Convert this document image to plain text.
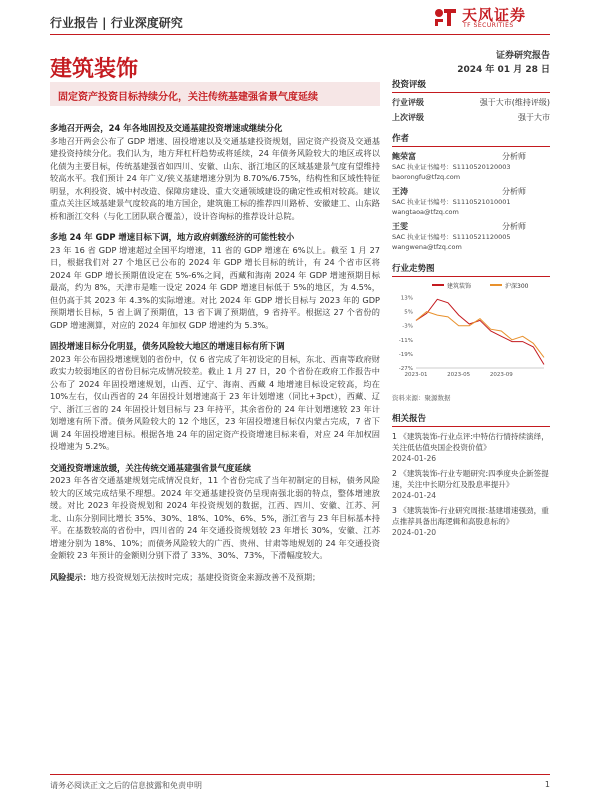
行业报告 | 行业深度研究	天风证券
TF SECURITIES
建筑装饰
证券研究报告
2024 年 01 月 28 日
固定资产投资目标持续分化，关注传统基建强省景气度延续
多地召开两会，24 年各地固投及交通基建投资增速或继续分化

多地召开两会公布了 GDP 增速、固投增速以及交通基建投资规划，固定资产投资及交通基建投资持续分化。我们认为，地方拜杠杆趋势或将延续，24 年债务风险较大的地区或将以化债为主要目标，传统基建强省如四川、安徽、山东、浙江地区的区域基建景气度有望维持较高水平。我们预计 24 年广义/狭义基建增速分别为 8.70%/6.75%，结构性和区域性特征明显，水利投资、城中村改造、保障房建设、重大交通领域建设的确定性或相对较高。建议重点关注区域基建景气度较高的地方国企，建筑施工标的推荐四川路桥、安徽建工、山东路桥和浙江交科（与化工团队联合覆盖），设计咨询标的推荐设计总院。

多地 24 年 GDP 增速目标下调，地方政府刺激经济的可能性较小

23 年 16 省 GDP 增速超过全国平均增速，11 省的 GDP 增速在 6%以上。截至 1 月 27 日，根据我们对 27 个地区已公布的 2024 年 GDP 增长目标的统计，有 24 个省市区将 2024 年 GDP 增长预期值设定在 5%-6%之间，西藏和海南 2024 年 GDP 增速预期目标最高，约为 8%，天津市是唯一设定 2024 年 GDP 增速目标低于 5%的地区，为 4.5%，但仍高于其 2023 年 4.3%的实际增速。对比 2024 年 GDP 增长目标与 2023 年的 GDP 预期增长目标，5 省上调了预期值，13 省下调了预期值，9 省持平。根据这 27 个省份的 GDP 增速测算，对应的 2024 年加权 GDP 增速约为 5.3%。

固投增速目标分化明显，债务风险较大地区的增速目标有所下调

2023 年公布固投增速规划的省份中，仅 6 省完成了年初设定的目标，东北、西南等政府财政实力较弱地区的省份目标完成情况较差。截止 1 月 27 日，20 个省份在政府工作报告中公布了 2024 年固投增速规划，山西、辽宁、海南、西藏 4 地增速目标设定较高，均在 10%左右，仅山西省的 24 年固投计划增速高于 23 年计划增速（同比+3pct），西藏、辽宁、浙江三省的 24 年固投计划目标与 23 年持平，其余省份的 24 年计划增速较 23 年计划增速有所下滑。债务风险较大的 12 个地区，23 年固投增速目标仅内蒙古完成，7 省下调 24 年固投增速目标。根据各地 24 年的固定资产投资增速目标来看，对应 24 年加权固投增速为 5.2%。

交通投资增速放缓，关注传统交通基建强省景气度延续

2023 年各省交通基建规划完成情况良好，11 个省份完成了当年初制定的目标，债务风险较大的区域完成结果不理想。2024 年交通基建投资仍呈现南强北弱的特点，整体增速放缓。对比 2023 年投资规划和 2024 年投资规划的数据，江西、四川、安徽、江苏、河北、山东分别同比增长 35%、30%、18%、10%、6%、5%，浙江省与 23 年目标基本持平。在基数较高的省份中，四川省的 24 年交通投资规划较 23 年增长 30%，安徽、江苏增速分别为 18%、10%；而债务风险较大的广西、贵州、甘肃等地规划的 24 年交通投资金额较 23 年预计的金额则分别下滑了 33%、30%、73%，下滑幅度较大。

风险提示：地方投资规划无法按时完成；基建投资资金来源改善不及预期；

投资评级
行业评级	强于大市(维持评级)
上次评级	强于大市
作者
鲍荣富	分析师
SAC 执业证书编号：S1110520120003
baorongfu@tfzq.com
王涛	分析师
SAC 执业证书编号：S1110521010001
wangtaoa@tfzq.com
王雯	分析师
SAC 执业证书编号：S1110521120005
wangwena@tfzq.com
行业走势图
建筑装饰	沪深300
13%
5%
-3%
-11%
-19%
-27%
2023-01	2023-05	2023-09
资料来源：聚源数据
相关报告
1 《建筑装饰-行业点评:中特估行情持续演绎，关注低估值央国企投资价值》
2024-01-26
2 《建筑装饰-行业专题研究:四季度央企新签提速，关注中长期分红及股息率提升》
2024-01-24
3 《建筑装饰-行业研究周报:基建增速强劲，重点推荐具备出海逻辑和高股息标的》
2024-01-20
请务必阅读正文之后的信息披露和免责申明	1
